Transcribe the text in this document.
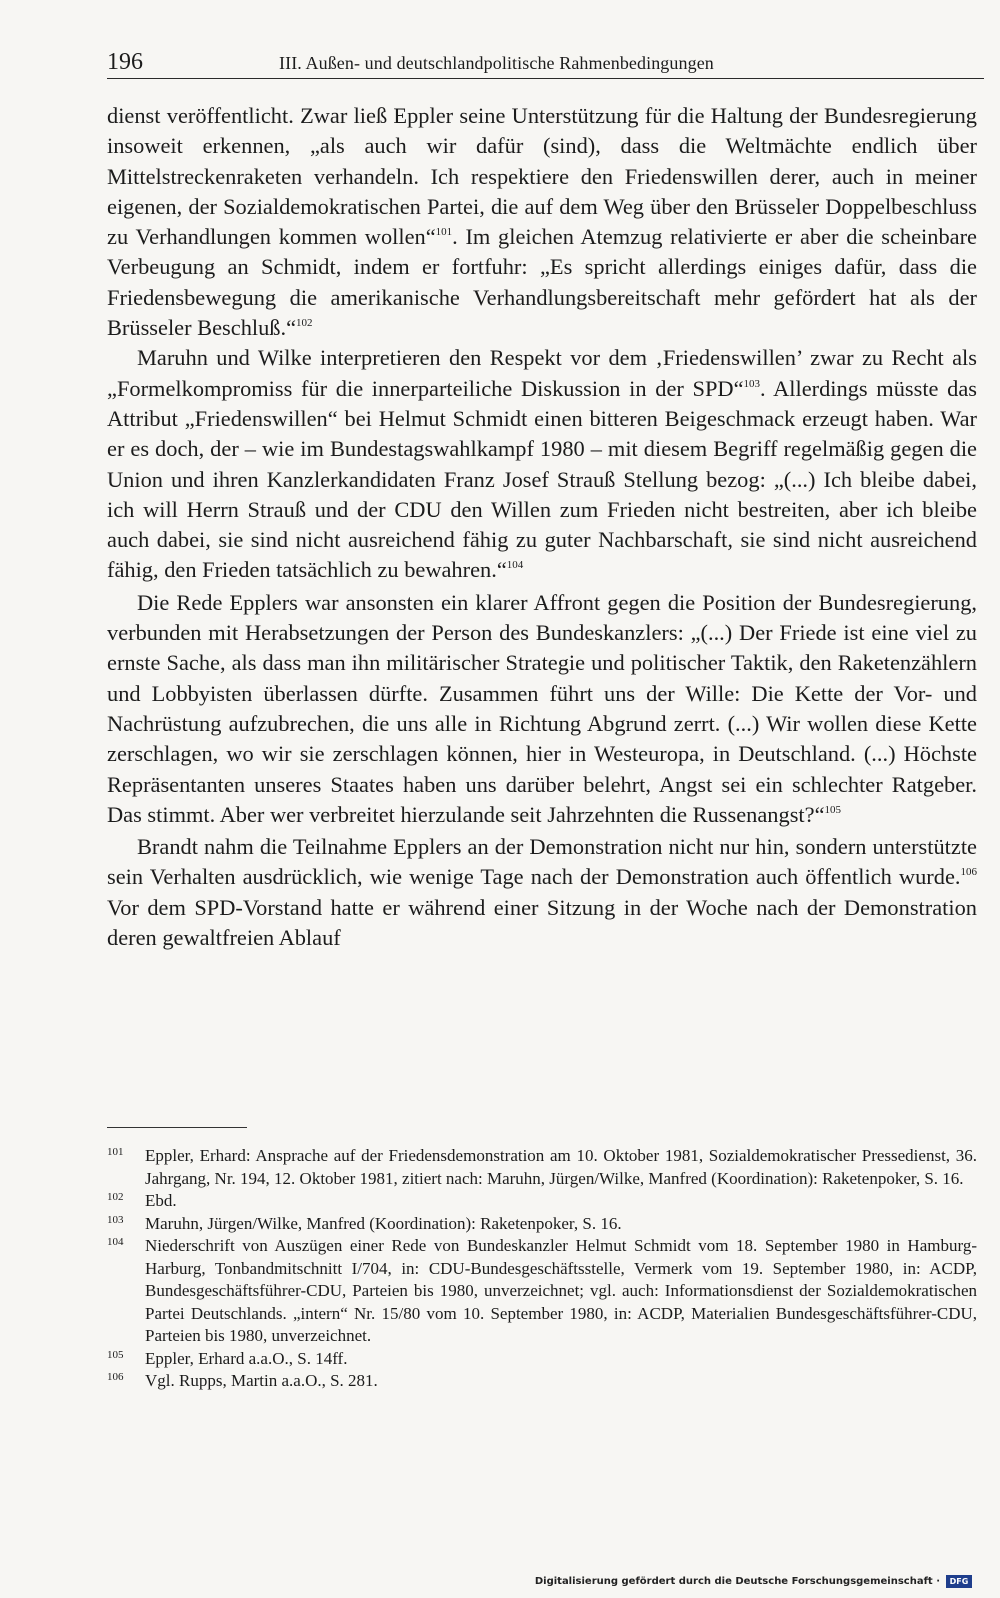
196	III. Außen- und deutschlandpolitische Rahmenbedingungen

dienst veröffentlicht. Zwar ließ Eppler seine Unterstützung für die Haltung der Bundesregierung insoweit erkennen, „als auch wir dafür (sind), dass die Weltmächte endlich über Mittelstreckenraketen verhandeln. Ich respektiere den Friedenswillen derer, auch in meiner eigenen, der Sozialdemokratischen Partei, die auf dem Weg über den Brüsseler Doppelbeschluss zu Verhandlungen kommen wollen“$^{101}$. Im gleichen Atemzug relativierte er aber die scheinbare Verbeugung an Schmidt, indem er fortfuhr: „Es spricht allerdings einiges dafür, dass die Friedensbewegung die amerikanische Verhandlungsbereitschaft mehr gefördert hat als der Brüsseler Beschluß.“$^{102}$

Maruhn und Wilke interpretieren den Respekt vor dem ‚Friedenswillen’ zwar zu Recht als „Formelkompromiss für die innerparteiliche Diskussion in der SPD“$^{103}$. Allerdings müsste das Attribut „Friedenswillen“ bei Helmut Schmidt einen bitteren Beigeschmack erzeugt haben. War er es doch, der – wie im Bundestagswahlkampf 1980 – mit diesem Begriff regelmäßig gegen die Union und ihren Kanzlerkandidaten Franz Josef Strauß Stellung bezog: „(...) Ich bleibe dabei, ich will Herrn Strauß und der CDU den Willen zum Frieden nicht bestreiten, aber ich bleibe auch dabei, sie sind nicht ausreichend fähig zu guter Nachbarschaft, sie sind nicht ausreichend fähig, den Frieden tatsächlich zu bewahren.“$^{104}$

Die Rede Epplers war ansonsten ein klarer Affront gegen die Position der Bundesregierung, verbunden mit Herabsetzungen der Person des Bundeskanzlers: „(...) Der Friede ist eine viel zu ernste Sache, als dass man ihn militärischer Strategie und politischer Taktik, den Raketenzählern und Lobbyisten überlassen dürfte. Zusammen führt uns der Wille: Die Kette der Vor- und Nachrüstung aufzubrechen, die uns alle in Richtung Abgrund zerrt. (...) Wir wollen diese Kette zerschlagen, wo wir sie zerschlagen können, hier in Westeuropa, in Deutschland. (...) Höchste Repräsentanten unseres Staates haben uns darüber belehrt, Angst sei ein schlechter Ratgeber. Das stimmt. Aber wer verbreitet hierzulande seit Jahrzehnten die Russenangst?“$^{105}$

Brandt nahm die Teilnahme Epplers an der Demonstration nicht nur hin, sondern unterstützte sein Verhalten ausdrücklich, wie wenige Tage nach der Demonstration auch öffentlich wurde.$^{106}$ Vor dem SPD-Vorstand hatte er während einer Sitzung in der Woche nach der Demonstration deren gewaltfreien Ablauf

101 Eppler, Erhard: Ansprache auf der Friedensdemonstration am 10. Oktober 1981, Sozialdemokratischer Pressedienst, 36. Jahrgang, Nr. 194, 12. Oktober 1981, zitiert nach: Maruhn, Jürgen/Wilke, Manfred (Koordination): Raketenpoker, S. 16.
102 Ebd.
103 Maruhn, Jürgen/Wilke, Manfred (Koordination): Raketenpoker, S. 16.
104 Niederschrift von Auszügen einer Rede von Bundeskanzler Helmut Schmidt vom 18. September 1980 in Hamburg-Harburg, Tonbandmitschnitt I/704, in: CDU-Bundesgeschäftsstelle, Vermerk vom 19. September 1980, in: ACDP, Bundesgeschäftsführer-CDU, Parteien bis 1980, unverzeichnet; vgl. auch: Informationsdienst der Sozialdemokratischen Partei Deutschlands. „intern“ Nr. 15/80 vom 10. September 1980, in: ACDP, Materialien Bundesgeschäftsführer-CDU, Parteien bis 1980, unverzeichnet.
105 Eppler, Erhard a.a.O., S. 14ff.
106 Vgl. Rupps, Martin a.a.O., S. 281.
Digitalisierung gefördert durch die Deutsche Forschungsgemeinschaft ·	DFG
